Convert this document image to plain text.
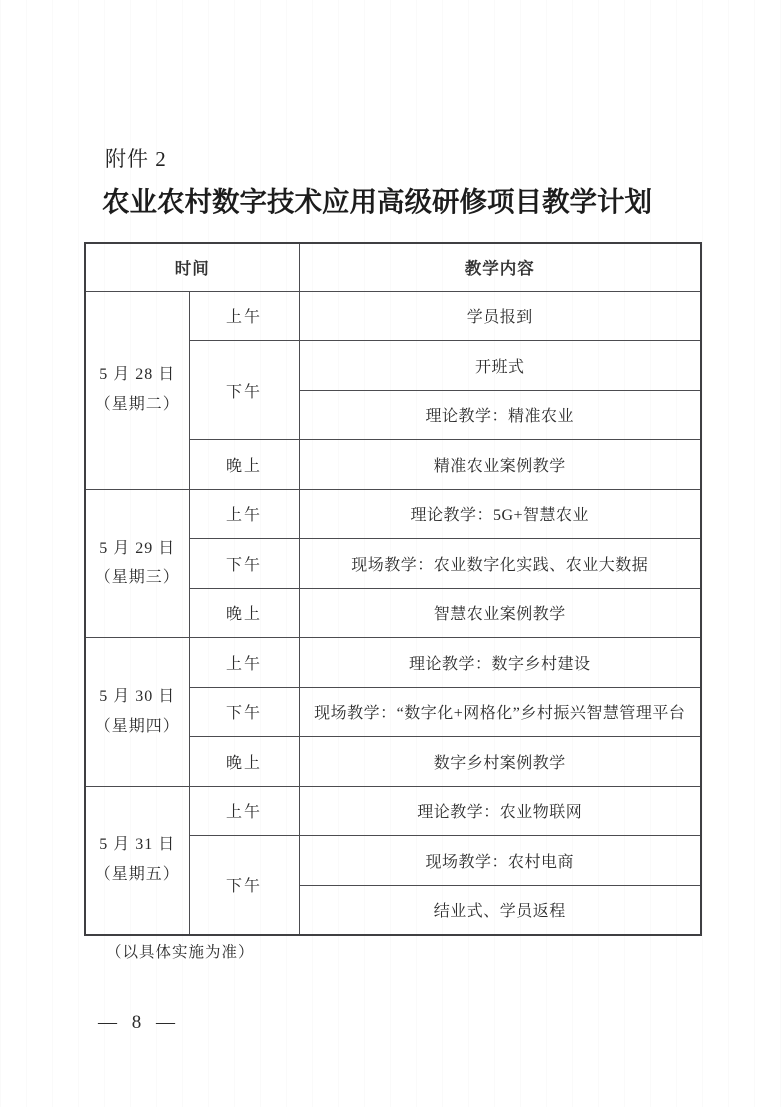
附件 2
农业农村数字技术应用高级研修项目教学计划
时间		教学内容

5 月 28 日
（星期二）	上午	学员报到
	下午	开班式
		理论教学：精准农业
	晚上	精准农业案例教学

5 月 29 日
（星期三）	上午	理论教学：5G+智慧农业
	下午	现场教学：农业数字化实践、农业大数据
	晚上	智慧农业案例教学

5 月 30 日
（星期四）	上午	理论教学：数字乡村建设
	下午	现场教学：“数字化+网格化”乡村振兴智慧管理平台
	晚上	数字乡村案例教学

5 月 31 日
（星期五）	上午	理论教学：农业物联网
	下午	现场教学：农村电商
		结业式、学员返程
（以具体实施为准）
— 8 —
